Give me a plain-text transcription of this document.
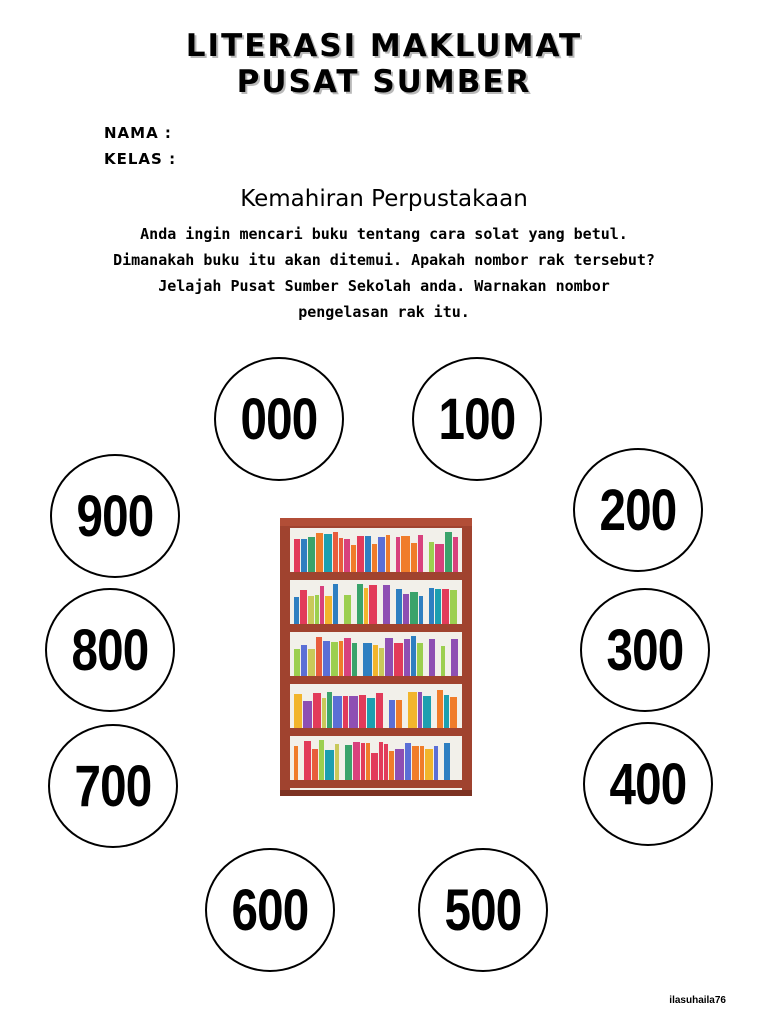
LITERASI MAKLUMAT
PUSAT SUMBER
NAMA :
KELAS :
Kemahiran Perpustakaan
Anda ingin mencari buku tentang cara solat yang betul.
Dimanakah buku itu akan ditemui. Apakah nombor rak tersebut?
Jelajah Pusat Sumber Sekolah anda. Warnakan nombor
pengelasan rak itu.
000 100
200
300
400
500
600
700
800
900
ilasuhaila76
